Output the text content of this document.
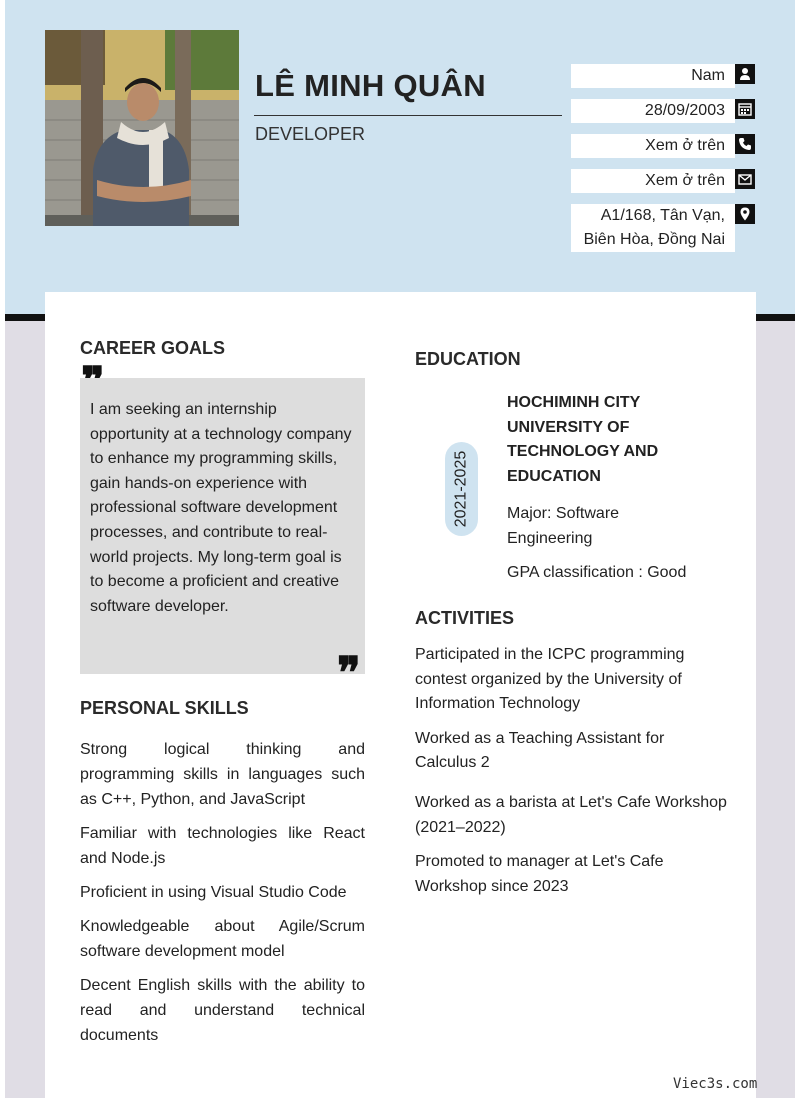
LÊ MINH QUÂN
DEVELOPER
Nam
28/09/2003
Xem ở trên
Xem ở trên
A1/168, Tân Vạn,
Biên Hòa, Đồng Nai
CAREER GOALS
I am seeking an internship opportunity at a technology company to enhance my programming skills, gain hands-on experience with professional software development processes, and contribute to real-world projects. My long-term goal is to become a proficient and creative software developer.
❞
PERSONAL SKILLS
Strong logical thinking and programming skills in languages such as C++, Python, and JavaScript
Familiar with technologies like React and Node.js
Proficient in using Visual Studio Code
Knowledgeable about Agile/Scrum software development model
Decent English skills with the ability to read and understand technical documents
EDUCATION
2021-2025
HOCHIMINH CITY UNIVERSITY OF TECHNOLOGY AND EDUCATION
Major: Software Engineering
GPA classification : Good
ACTIVITIES
Participated in the ICPC programming contest organized by the University of Information Technology
Worked as a Teaching Assistant for Calculus 2
Worked as a barista at Let's Cafe Workshop (2021–2022)
Promoted to manager at Let's Cafe Workshop since 2023
Viec3s.com
